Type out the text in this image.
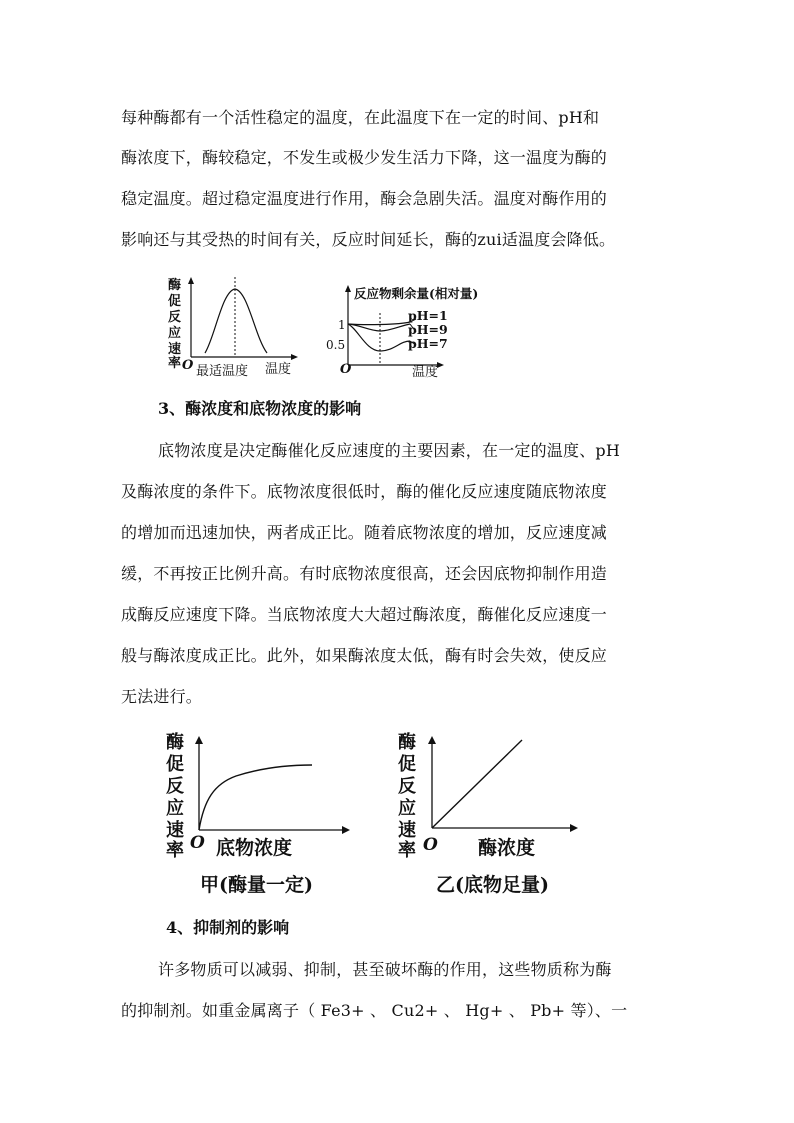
每种酶都有一个活性稳定的温度，在此温度下在一定的时间、pH和
酶浓度下，酶较稳定，不发生或极少发生活力下降，这一温度为酶的
稳定温度。超过稳定温度进行作用，酶会急剧失活。温度对酶作用的
影响还与其受热的时间有关，反应时间延长，酶的zui适温度会降低。
酶
促
反
应
速
率 O 最适温度 温度
反应物剩余量(相对量)
1
0.5
pH=1
pH=9
pH=7
O	温度
3、酶浓度和底物浓度的影响
底物浓度是决定酶催化反应速度的主要因素，在一定的温度、pH
及酶浓度的条件下。底物浓度很低时，酶的催化反应速度随底物浓度
的增加而迅速加快，两者成正比。随着底物浓度的增加，反应速度减
缓，不再按正比例升高。有时底物浓度很高，还会因底物抑制作用造
成酶反应速度下降。当底物浓度大大超过酶浓度，酶催化反应速度一
般与酶浓度成正比。此外，如果酶浓度太低，酶有时会失效，使反应
无法进行。
酶
促
反
应
速
率 O 底物浓度
甲(酶量一定)
酶
促
反
应
速
率 O 酶浓度
乙(底物足量)
4、抑制剂的影响
许多物质可以减弱、抑制，甚至破坏酶的作用，这些物质称为酶
的抑制剂。如重金属离子（ Fe3+ 、 Cu2+ 、 Hg+ 、 Pb+ 等）、一
